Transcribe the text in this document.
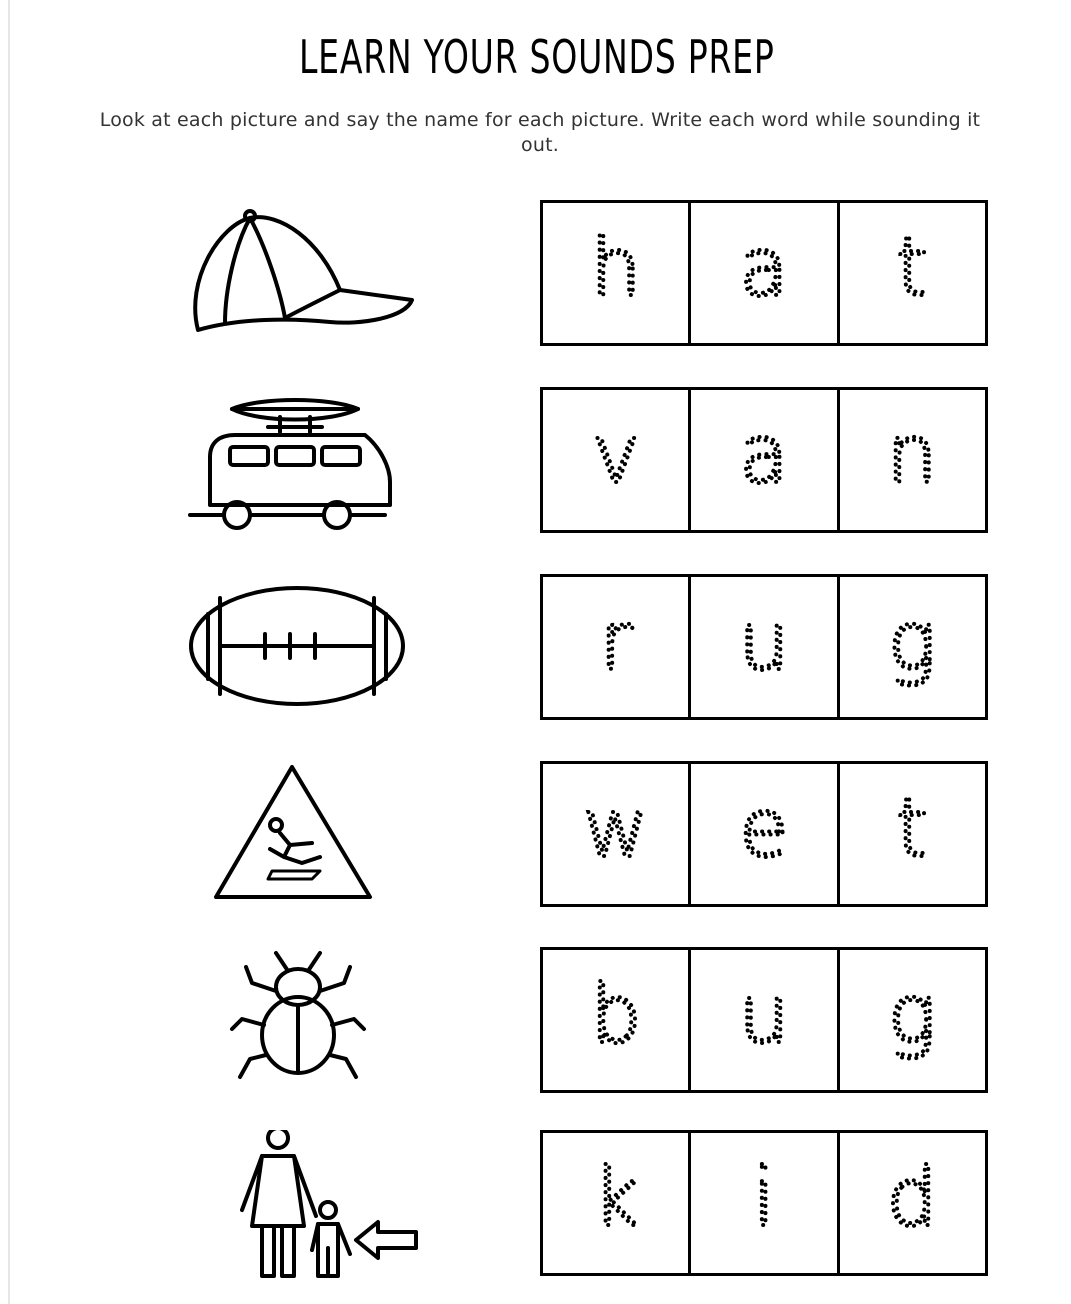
LEARN YOUR SOUNDS PREP
Look at each picture and say the name for each picture. Write each word while sounding it out.
